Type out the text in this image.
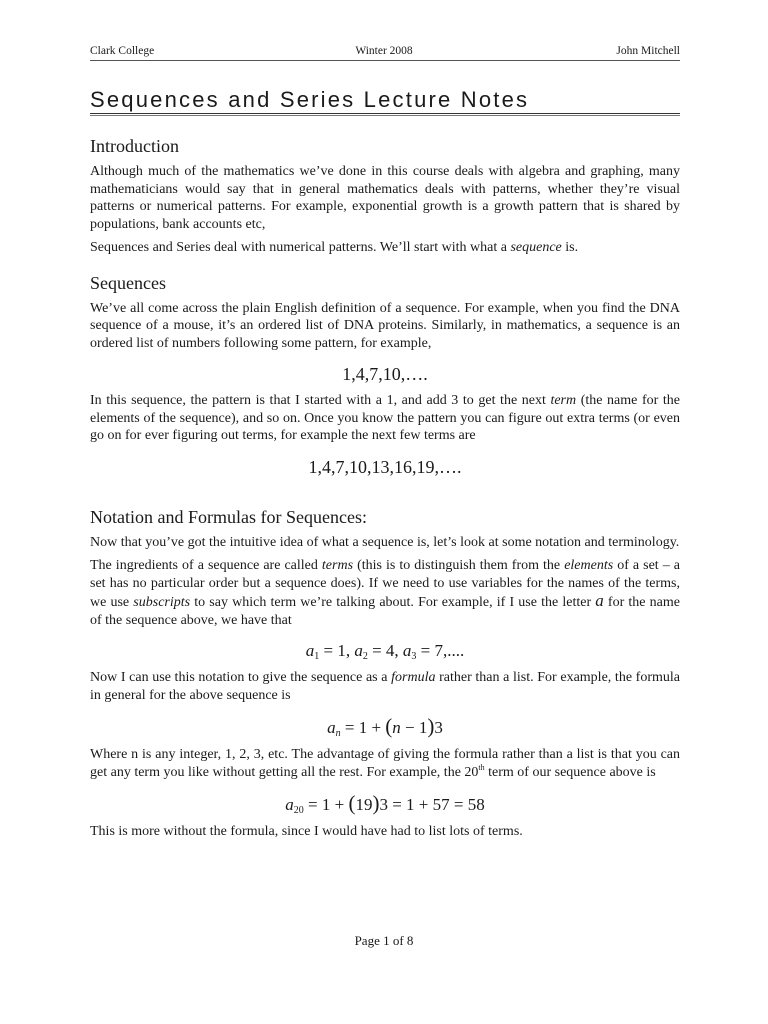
Clark College	Winter 2008	John Mitchell
Sequences and Series Lecture Notes
Introduction

Although much of the mathematics we’ve done in this course deals with algebra and graphing, many mathematicians would say that in general mathematics deals with patterns, whether they’re visual patterns or numerical patterns. For example, exponential growth is a growth pattern that is shared by populations, bank accounts etc,

Sequences and Series deal with numerical patterns. We’ll start with what a sequence is.

Sequences

We’ve all come across the plain English definition of a sequence. For example, when you find the DNA sequence of a mouse, it’s an ordered list of DNA proteins. Similarly, in mathematics, a sequence is an ordered list of numbers following some pattern, for example,

1,4,7,10,….

In this sequence, the pattern is that I started with a 1, and add 3 to get the next term (the name for the elements of the sequence), and so on. Once you know the pattern you can figure out extra terms (or even go on for ever figuring out terms, for example the next few terms are

1,4,7,10,13,16,19,….
Notation and Formulas for Sequences:

Now that you’ve got the intuitive idea of what a sequence is, let’s look at some notation and terminology.

The ingredients of a sequence are called terms (this is to distinguish them from the elements of a set – a set has no particular order but a sequence does). If we need to use variables for the names of the terms, we use subscripts to say which term we’re talking about. For example, if I use the letter a for the name of the sequence above, we have that

$a_1 = 1$, $a_2 = 4$, $a_3 = 7$,....

Now I can use this notation to give the sequence as a formula rather than a list. For example, the formula in general for the above sequence is

$a_n = 1 + (n - 1)3$

Where n is any integer, 1, 2, 3, etc. The advantage of giving the formula rather than a list is that you can get any term you like without getting all the rest. For example, the 20th term of our sequence above is

$a_{20} = 1 + (19)3 = 1 + 57 = 58$

This is more without the formula, since I would have had to list lots of terms.

Page 1 of 8
